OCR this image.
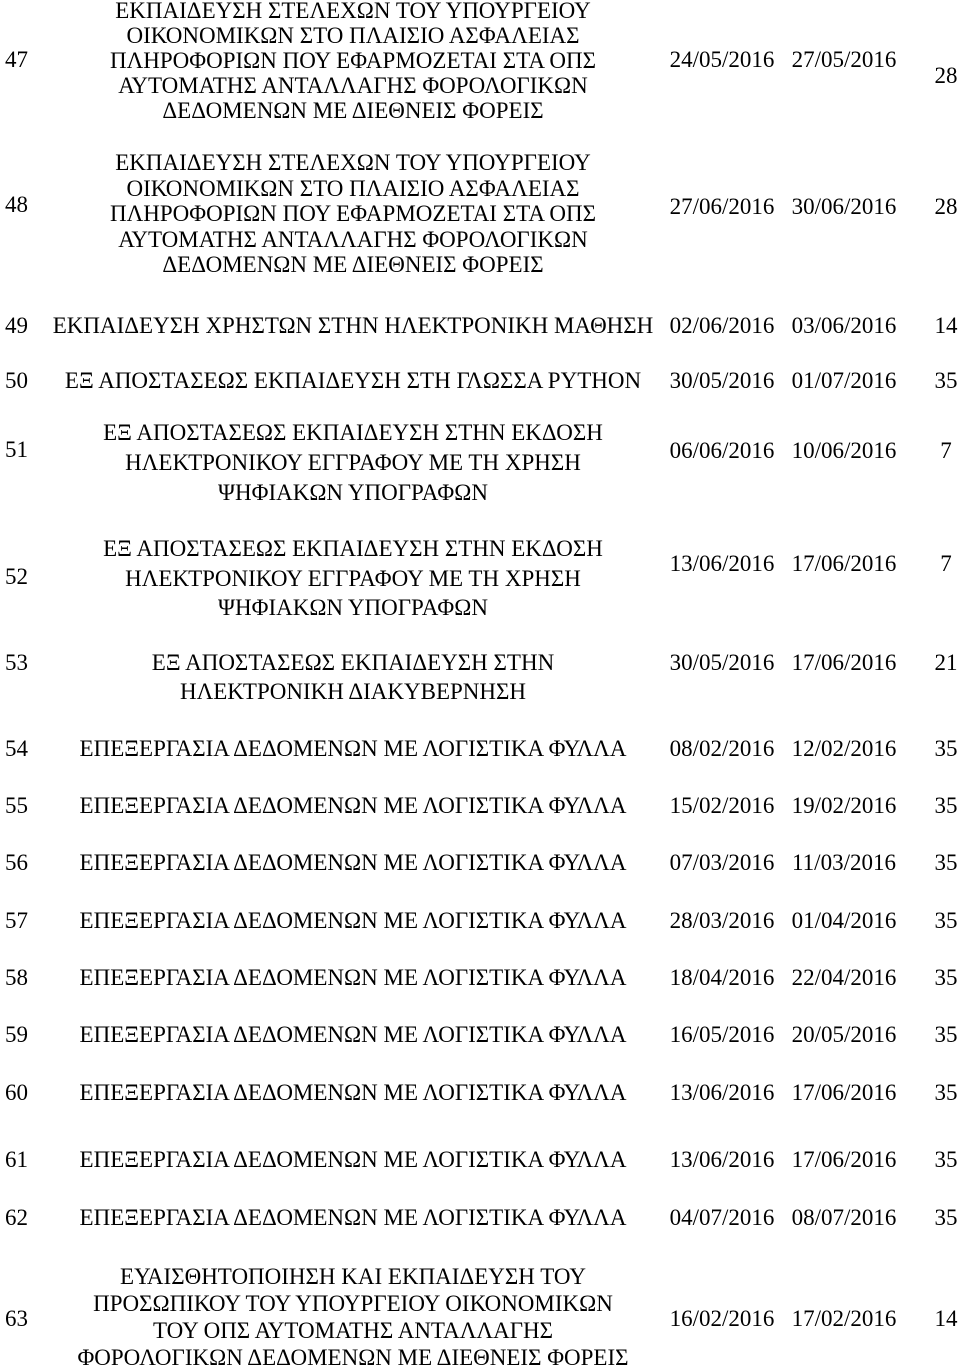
47
ΕΚΠΑΙΔΕΥΣΗ ΣΤΕΛΕΧΩΝ ΤΟΥ ΥΠΟΥΡΓΕΙΟΥ
ΟΙΚΟΝΟΜΙΚΩΝ ΣΤΟ ΠΛΑΙΣΙΟ ΑΣΦΑΛΕΙΑΣ
ΠΛΗΡΟΦΟΡΙΩΝ ΠΟΥ ΕΦΑΡΜΟΖΕΤΑΙ ΣΤΑ ΟΠΣ
ΑΥΤΟΜΑΤΗΣ ΑΝΤΑΛΛΑΓΗΣ ΦΟΡΟΛΟΓΙΚΩΝ
ΔΕΔΟΜΕΝΩΝ ΜΕ ΔΙΕΘΝΕΙΣ ΦΟΡΕΙΣ
24/05/2016 27/05/2016
28
48
ΕΚΠΑΙΔΕΥΣΗ ΣΤΕΛΕΧΩΝ ΤΟΥ ΥΠΟΥΡΓΕΙΟΥ
ΟΙΚΟΝΟΜΙΚΩΝ ΣΤΟ ΠΛΑΙΣΙΟ ΑΣΦΑΛΕΙΑΣ
ΠΛΗΡΟΦΟΡΙΩΝ ΠΟΥ ΕΦΑΡΜΟΖΕΤΑΙ ΣΤΑ ΟΠΣ
ΑΥΤΟΜΑΤΗΣ ΑΝΤΑΛΛΑΓΗΣ ΦΟΡΟΛΟΓΙΚΩΝ
ΔΕΔΟΜΕΝΩΝ ΜΕ ΔΙΕΘΝΕΙΣ ΦΟΡΕΙΣ
27/06/2016 30/06/2016	28
49	ΕΚΠΑΙΔΕΥΣΗ ΧΡΗΣΤΩΝ ΣΤΗΝ ΗΛΕΚΤΡΟΝΙΚΗ ΜΑΘΗΣΗ 02/06/2016 03/06/2016	14
50	ΕΞ ΑΠΟΣΤΑΣΕΩΣ ΕΚΠΑΙΔΕΥΣΗ ΣΤΗ ΓΛΩΣΣΑ PYTHON	30/05/2016 01/07/2016	35
51
ΕΞ ΑΠΟΣΤΑΣΕΩΣ ΕΚΠΑΙΔΕΥΣΗ ΣΤΗΝ ΕΚΔΟΣΗ
ΗΛΕΚΤΡΟΝΙΚΟΥ ΕΓΓΡΑΦΟΥ ΜΕ ΤΗ ΧΡΗΣΗ
ΨΗΦΙΑΚΩΝ ΥΠΟΓΡΑΦΩΝ
06/06/2016 10/06/2016	7
52
ΕΞ ΑΠΟΣΤΑΣΕΩΣ ΕΚΠΑΙΔΕΥΣΗ ΣΤΗΝ ΕΚΔΟΣΗ
ΗΛΕΚΤΡΟΝΙΚΟΥ ΕΓΓΡΑΦΟΥ ΜΕ ΤΗ ΧΡΗΣΗ
ΨΗΦΙΑΚΩΝ ΥΠΟΓΡΑΦΩΝ
13/06/2016 17/06/2016	7
53	ΕΞ ΑΠΟΣΤΑΣΕΩΣ ΕΚΠΑΙΔΕΥΣΗ ΣΤΗΝ
ΗΛΕΚΤΡΟΝΙΚΗ ΔΙΑΚΥΒΕΡΝΗΣΗ
30/05/2016 17/06/2016	21
54	ΕΠΕΞΕΡΓΑΣΙΑ ΔΕΔΟΜΕΝΩΝ ΜΕ ΛΟΓΙΣΤΙΚΑ ΦΥΛΛΑ	08/02/2016 12/02/2016	35
55	ΕΠΕΞΕΡΓΑΣΙΑ ΔΕΔΟΜΕΝΩΝ ΜΕ ΛΟΓΙΣΤΙΚΑ ΦΥΛΛΑ	15/02/2016 19/02/2016	35
56	ΕΠΕΞΕΡΓΑΣΙΑ ΔΕΔΟΜΕΝΩΝ ΜΕ ΛΟΓΙΣΤΙΚΑ ΦΥΛΛΑ	07/03/2016 11/03/2016	35
57	ΕΠΕΞΕΡΓΑΣΙΑ ΔΕΔΟΜΕΝΩΝ ΜΕ ΛΟΓΙΣΤΙΚΑ ΦΥΛΛΑ	28/03/2016 01/04/2016	35
58	ΕΠΕΞΕΡΓΑΣΙΑ ΔΕΔΟΜΕΝΩΝ ΜΕ ΛΟΓΙΣΤΙΚΑ ΦΥΛΛΑ	18/04/2016 22/04/2016	35
59	ΕΠΕΞΕΡΓΑΣΙΑ ΔΕΔΟΜΕΝΩΝ ΜΕ ΛΟΓΙΣΤΙΚΑ ΦΥΛΛΑ	16/05/2016 20/05/2016	35
60	ΕΠΕΞΕΡΓΑΣΙΑ ΔΕΔΟΜΕΝΩΝ ΜΕ ΛΟΓΙΣΤΙΚΑ ΦΥΛΛΑ	13/06/2016 17/06/2016	35
61	ΕΠΕΞΕΡΓΑΣΙΑ ΔΕΔΟΜΕΝΩΝ ΜΕ ΛΟΓΙΣΤΙΚΑ ΦΥΛΛΑ	13/06/2016 17/06/2016	35
62	ΕΠΕΞΕΡΓΑΣΙΑ ΔΕΔΟΜΕΝΩΝ ΜΕ ΛΟΓΙΣΤΙΚΑ ΦΥΛΛΑ	04/07/2016 08/07/2016	35
63
ΕΥΑΙΣΘΗΤΟΠΟΙΗΣΗ ΚΑΙ ΕΚΠΑΙΔΕΥΣΗ ΤΟΥ
ΠΡΟΣΩΠΙΚΟΥ ΤΟΥ ΥΠΟΥΡΓΕΙΟΥ ΟΙΚΟΝΟΜΙΚΩΝ
ΤΟΥ ΟΠΣ ΑΥΤΟΜΑΤΗΣ ΑΝΤΑΛΛΑΓΗΣ
ΦΟΡΟΛΟΓΙΚΩΝ ΔΕΔΟΜΕΝΩΝ ΜΕ ΔΙΕΘΝΕΙΣ ΦΟΡΕΙΣ
16/02/2016 17/02/2016	14
